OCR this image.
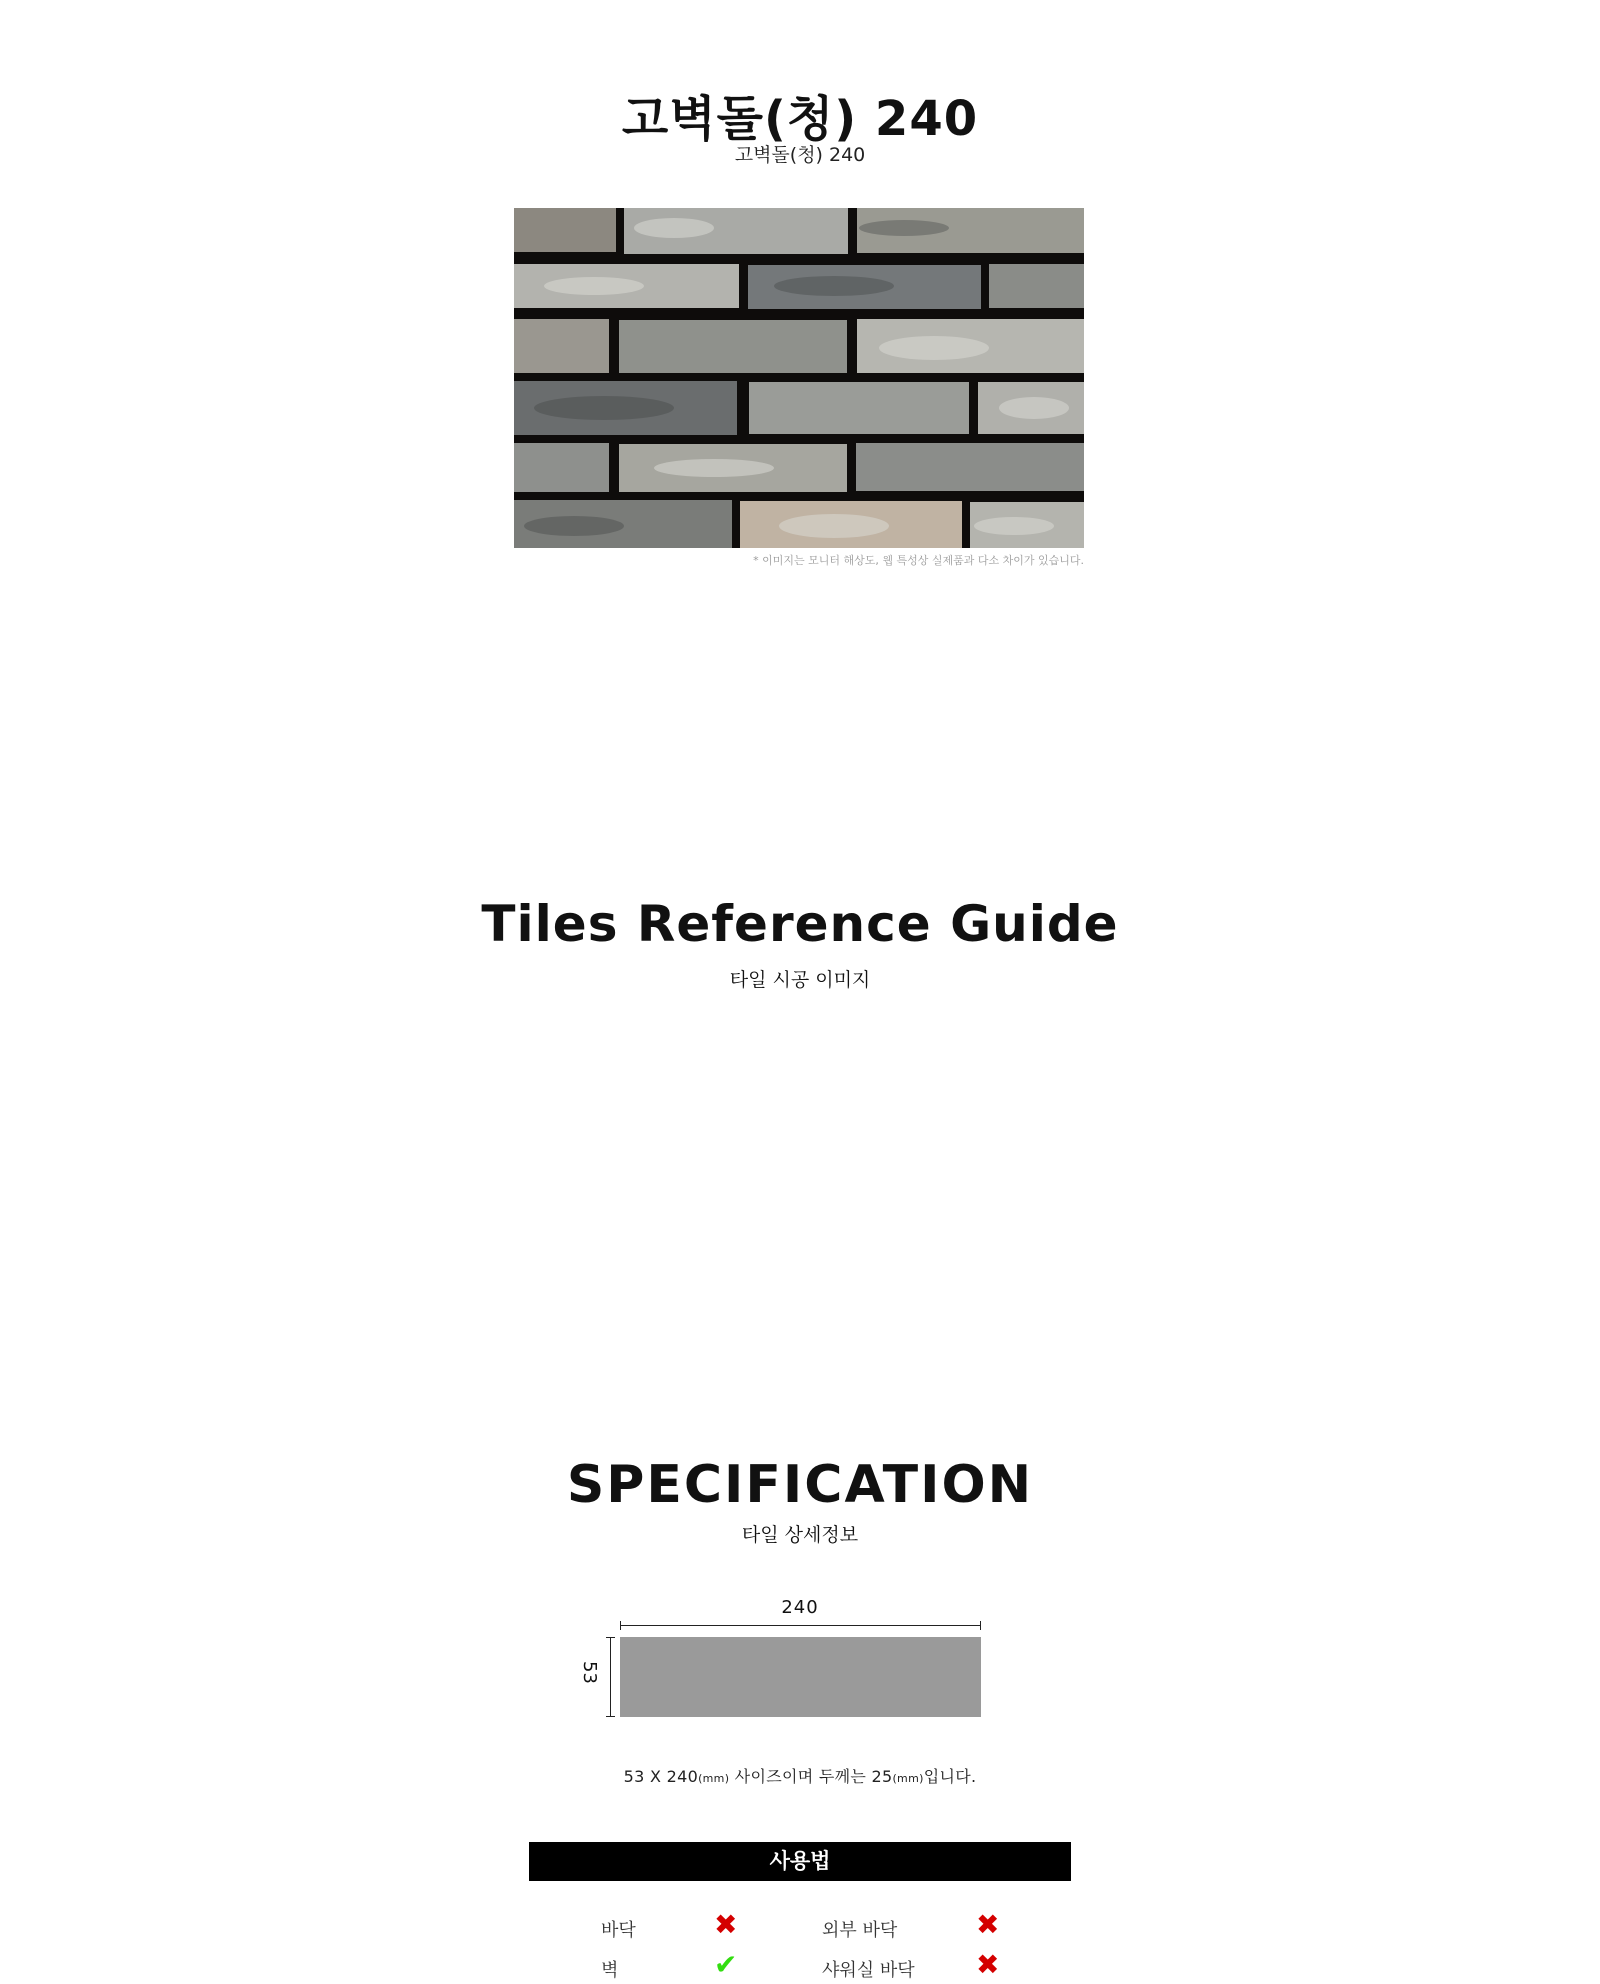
고벽돌(청) 240
고벽돌(청) 240
* 이미지는 모니터 해상도, 웹 특성상 실제품과 다소 차이가 있습니다.
Tiles Reference Guide
타일 시공 이미지
SPECIFICATION
타일 상세정보
240
53
53 X 240(mm) 사이즈이며 두께는 25(mm)입니다.
사용법
바닥	✖	외부 바닥	✖
벽	✔	샤워실 바닥 ✖
